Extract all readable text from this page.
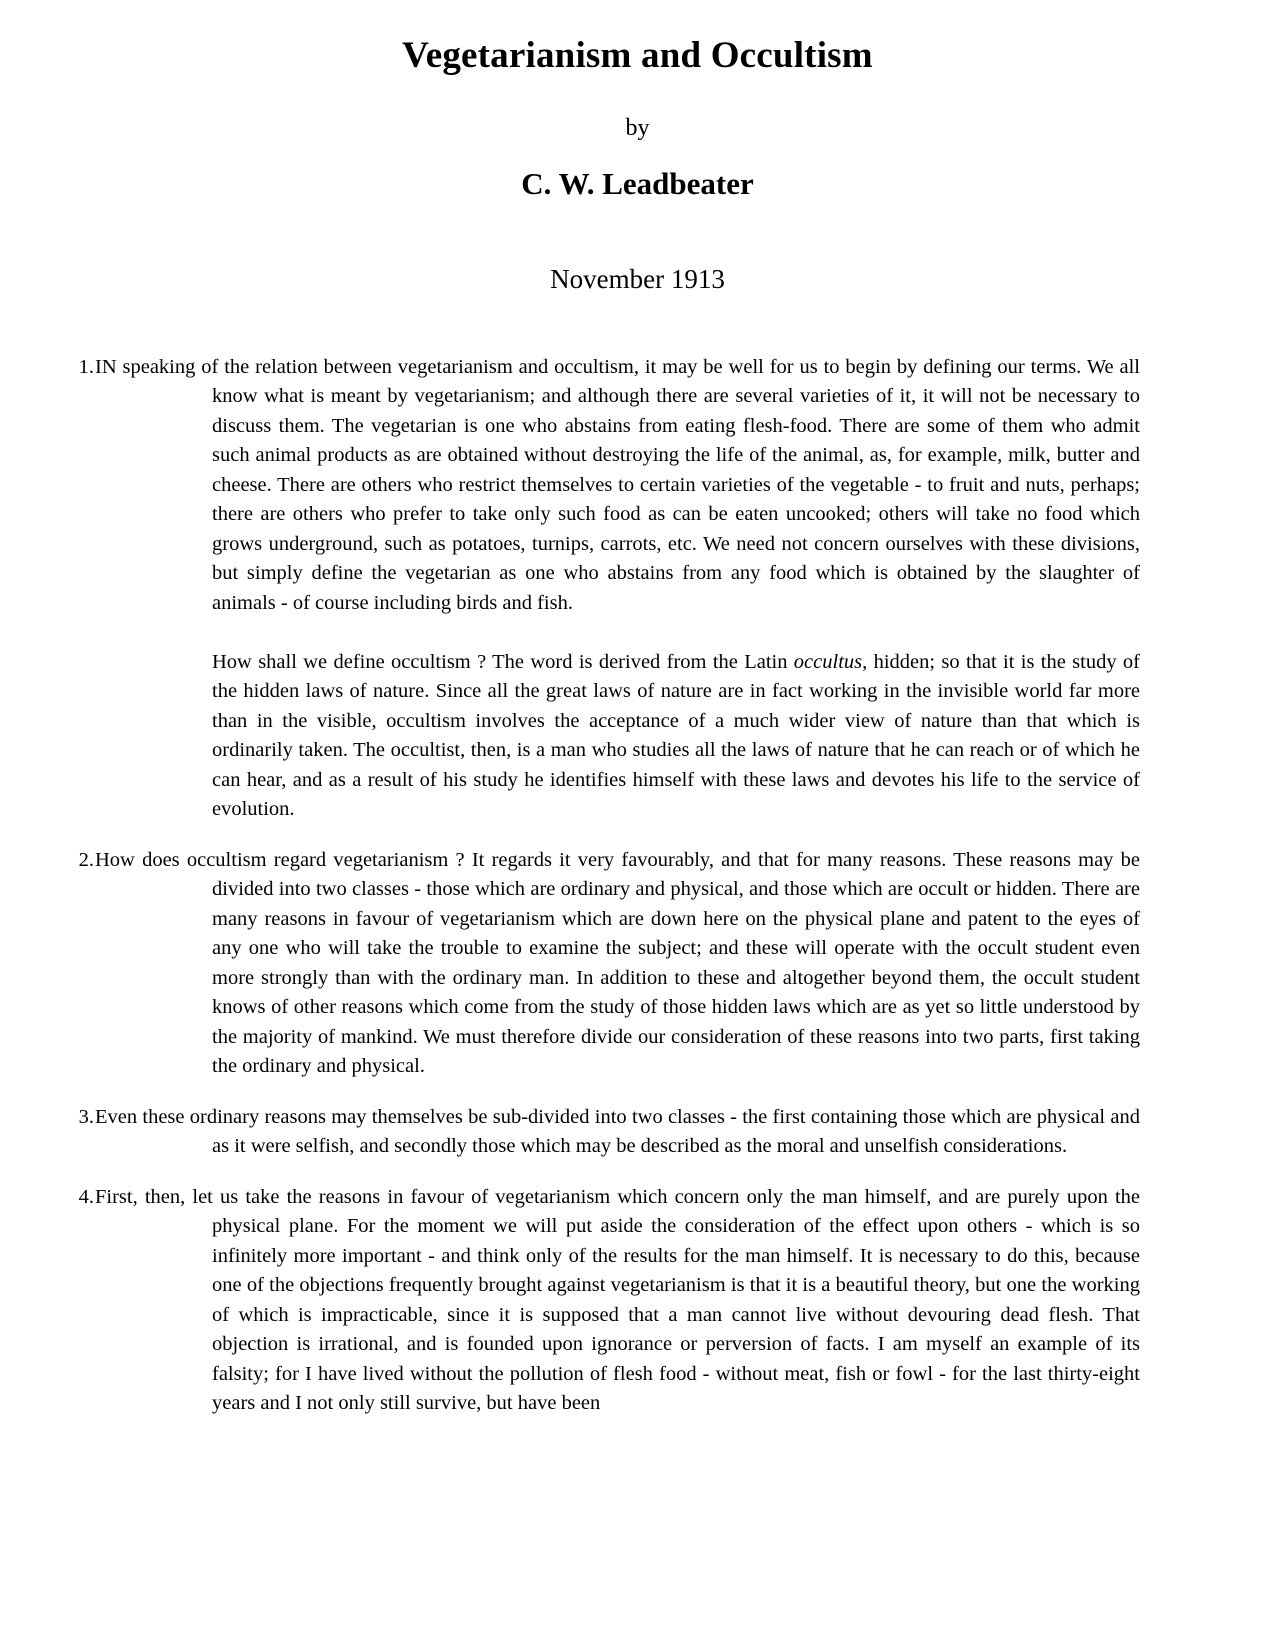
Vegetarianism and Occultism
by
C. W. Leadbeater
November 1913
1. IN speaking of the relation between vegetarianism and occultism, it may be well for us to begin by defining our terms. We all know what is meant by vegetarianism; and although there are several varieties of it, it will not be necessary to discuss them. The vegetarian is one who abstains from eating flesh-food. There are some of them who admit such animal products as are obtained without destroying the life of the animal, as, for example, milk, butter and cheese. There are others who restrict themselves to certain varieties of the vegetable - to fruit and nuts, perhaps; there are others who prefer to take only such food as can be eaten uncooked; others will take no food which grows underground, such as potatoes, turnips, carrots, etc. We need not concern ourselves with these divisions, but simply define the vegetarian as one who abstains from any food which is obtained by the slaughter of animals - of course including birds and fish.

How shall we define occultism ? The word is derived from the Latin occultus, hidden; so that it is the study of the hidden laws of nature. Since all the great laws of nature are in fact working in the invisible world far more than in the visible, occultism involves the acceptance of a much wider view of nature than that which is ordinarily taken. The occultist, then, is a man who studies all the laws of nature that he can reach or of which he can hear, and as a result of his study he identifies himself with these laws and devotes his life to the service of evolution.

2. How does occultism regard vegetarianism ? It regards it very favourably, and that for many reasons. These reasons may be divided into two classes - those which are ordinary and physical, and those which are occult or hidden. There are many reasons in favour of vegetarianism which are down here on the physical plane and patent to the eyes of any one who will take the trouble to examine the subject; and these will operate with the occult student even more strongly than with the ordinary man. In addition to these and altogether beyond them, the occult student knows of other reasons which come from the study of those hidden laws which are as yet so little understood by the majority of mankind. We must therefore divide our consideration of these reasons into two parts, first taking the ordinary and physical.

3. Even these ordinary reasons may themselves be sub-divided into two classes - the first containing those which are physical and as it were selfish, and secondly those which may be described as the moral and unselfish considerations.

4. First, then, let us take the reasons in favour of vegetarianism which concern only the man himself, and are purely upon the physical plane. For the moment we will put aside the consideration of the effect upon others - which is so infinitely more important - and think only of the results for the man himself. It is necessary to do this, because one of the objections frequently brought against vegetarianism is that it is a beautiful theory, but one the working of which is impracticable, since it is supposed that a man cannot live without devouring dead flesh. That objection is irrational, and is founded upon ignorance or perversion of facts. I am myself an example of its falsity; for I have lived without the pollution of flesh food - without meat, fish or fowl - for the last thirty-eight years and I not only still survive, but have been
